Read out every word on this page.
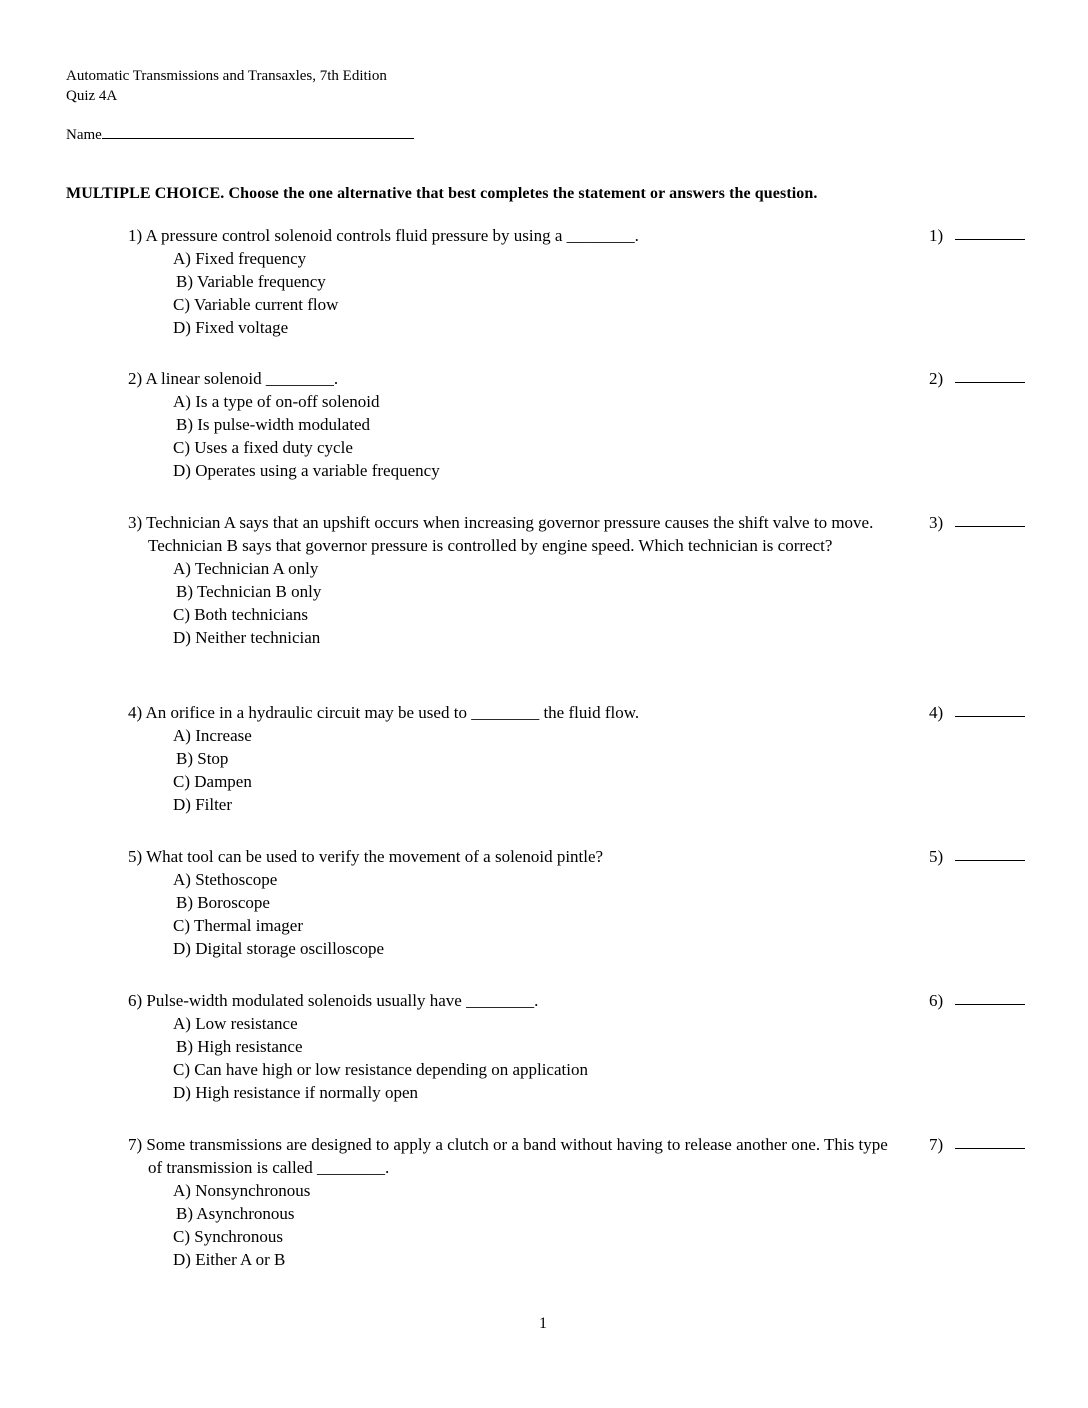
Automatic Transmissions and Transaxles, 7th Edition
Quiz 4A
Name
MULTIPLE CHOICE. Choose the one alternative that best completes the statement or answers the question.
1) A pressure control solenoid controls fluid pressure by using a ________.
A) Fixed frequency
B) Variable frequency
C) Variable current flow
D) Fixed voltage
1)
2) A linear solenoid ________.
A) Is a type of on-off solenoid
B) Is pulse-width modulated
C) Uses a fixed duty cycle
D) Operates using a variable frequency
2)
3) Technician A says that an upshift occurs when increasing governor pressure causes the shift valve to move. Technician B says that governor pressure is controlled by engine speed. Which technician is correct?
A) Technician A only
B) Technician B only
C) Both technicians
D) Neither technician
3)
4) An orifice in a hydraulic circuit may be used to ________ the fluid flow.
A) Increase
B) Stop
C) Dampen
D) Filter
4)
5) What tool can be used to verify the movement of a solenoid pintle?
A) Stethoscope
B) Boroscope
C) Thermal imager
D) Digital storage oscilloscope
5)
6) Pulse-width modulated solenoids usually have ________.
A) Low resistance
B) High resistance
C) Can have high or low resistance depending on application
D) High resistance if normally open
6)
7) Some transmissions are designed to apply a clutch or a band without having to release another one. This type of transmission is called ________.
A) Nonsynchronous
B) Asynchronous
C) Synchronous
D) Either A or B
7)
1
